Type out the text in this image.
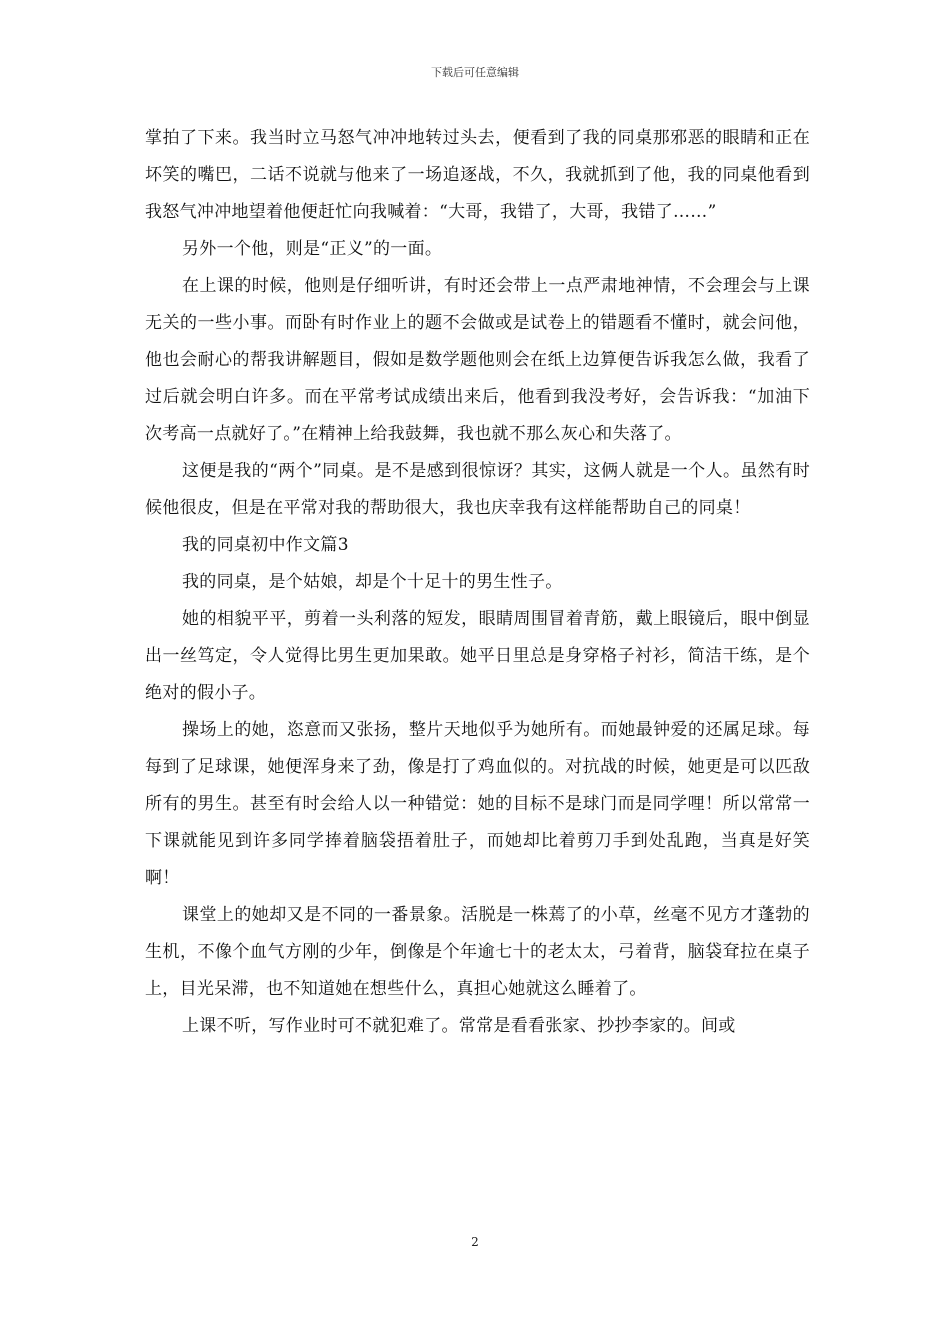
下载后可任意编辑

掌拍了下来。我当时立马怒气冲冲地转过头去，便看到了我的同桌那邪恶的眼睛和正在坏笑的嘴巴，二话不说就与他来了一场追逐战，不久，我就抓到了他，我的同桌他看到我怒气冲冲地望着他便赶忙向我喊着：“大哥，我错了，大哥，我错了……”

另外一个他，则是“正义”的一面。

在上课的时候，他则是仔细听讲，有时还会带上一点严肃地神情，不会理会与上课无关的一些小事。而卧有时作业上的题不会做或是试卷上的错题看不懂时，就会问他，他也会耐心的帮我讲解题目，假如是数学题他则会在纸上边算便告诉我怎么做，我看了过后就会明白许多。而在平常考试成绩出来后，他看到我没考好，会告诉我：“加油下次考高一点就好了。”在精神上给我鼓舞，我也就不那么灰心和失落了。

这便是我的“两个”同桌。是不是感到很惊讶？其实，这俩人就是一个人。虽然有时候他很皮，但是在平常对我的帮助很大，我也庆幸我有这样能帮助自己的同桌！

我的同桌初中作文篇3

我的同桌，是个姑娘，却是个十足十的男生性子。

她的相貌平平，剪着一头利落的短发，眼睛周围冒着青筋，戴上眼镜后，眼中倒显出一丝笃定，令人觉得比男生更加果敢。她平日里总是身穿格子衬衫，简洁干练，是个绝对的假小子。

操场上的她，恣意而又张扬，整片天地似乎为她所有。而她最钟爱的还属足球。每每到了足球课，她便浑身来了劲，像是打了鸡血似的。对抗战的时候，她更是可以匹敌所有的男生。甚至有时会给人以一种错觉：她的目标不是球门而是同学哩！所以常常一下课就能见到许多同学捧着脑袋捂着肚子，而她却比着剪刀手到处乱跑，当真是好笑啊！

课堂上的她却又是不同的一番景象。活脱是一株蔫了的小草，丝毫不见方才蓬勃的生机，不像个血气方刚的少年，倒像是个年逾七十的老太太，弓着背，脑袋耷拉在桌子上，目光呆滞，也不知道她在想些什么，真担心她就这么睡着了。

上课不听，写作业时可不就犯难了。常常是看看张家、抄抄李家的。间或

2
